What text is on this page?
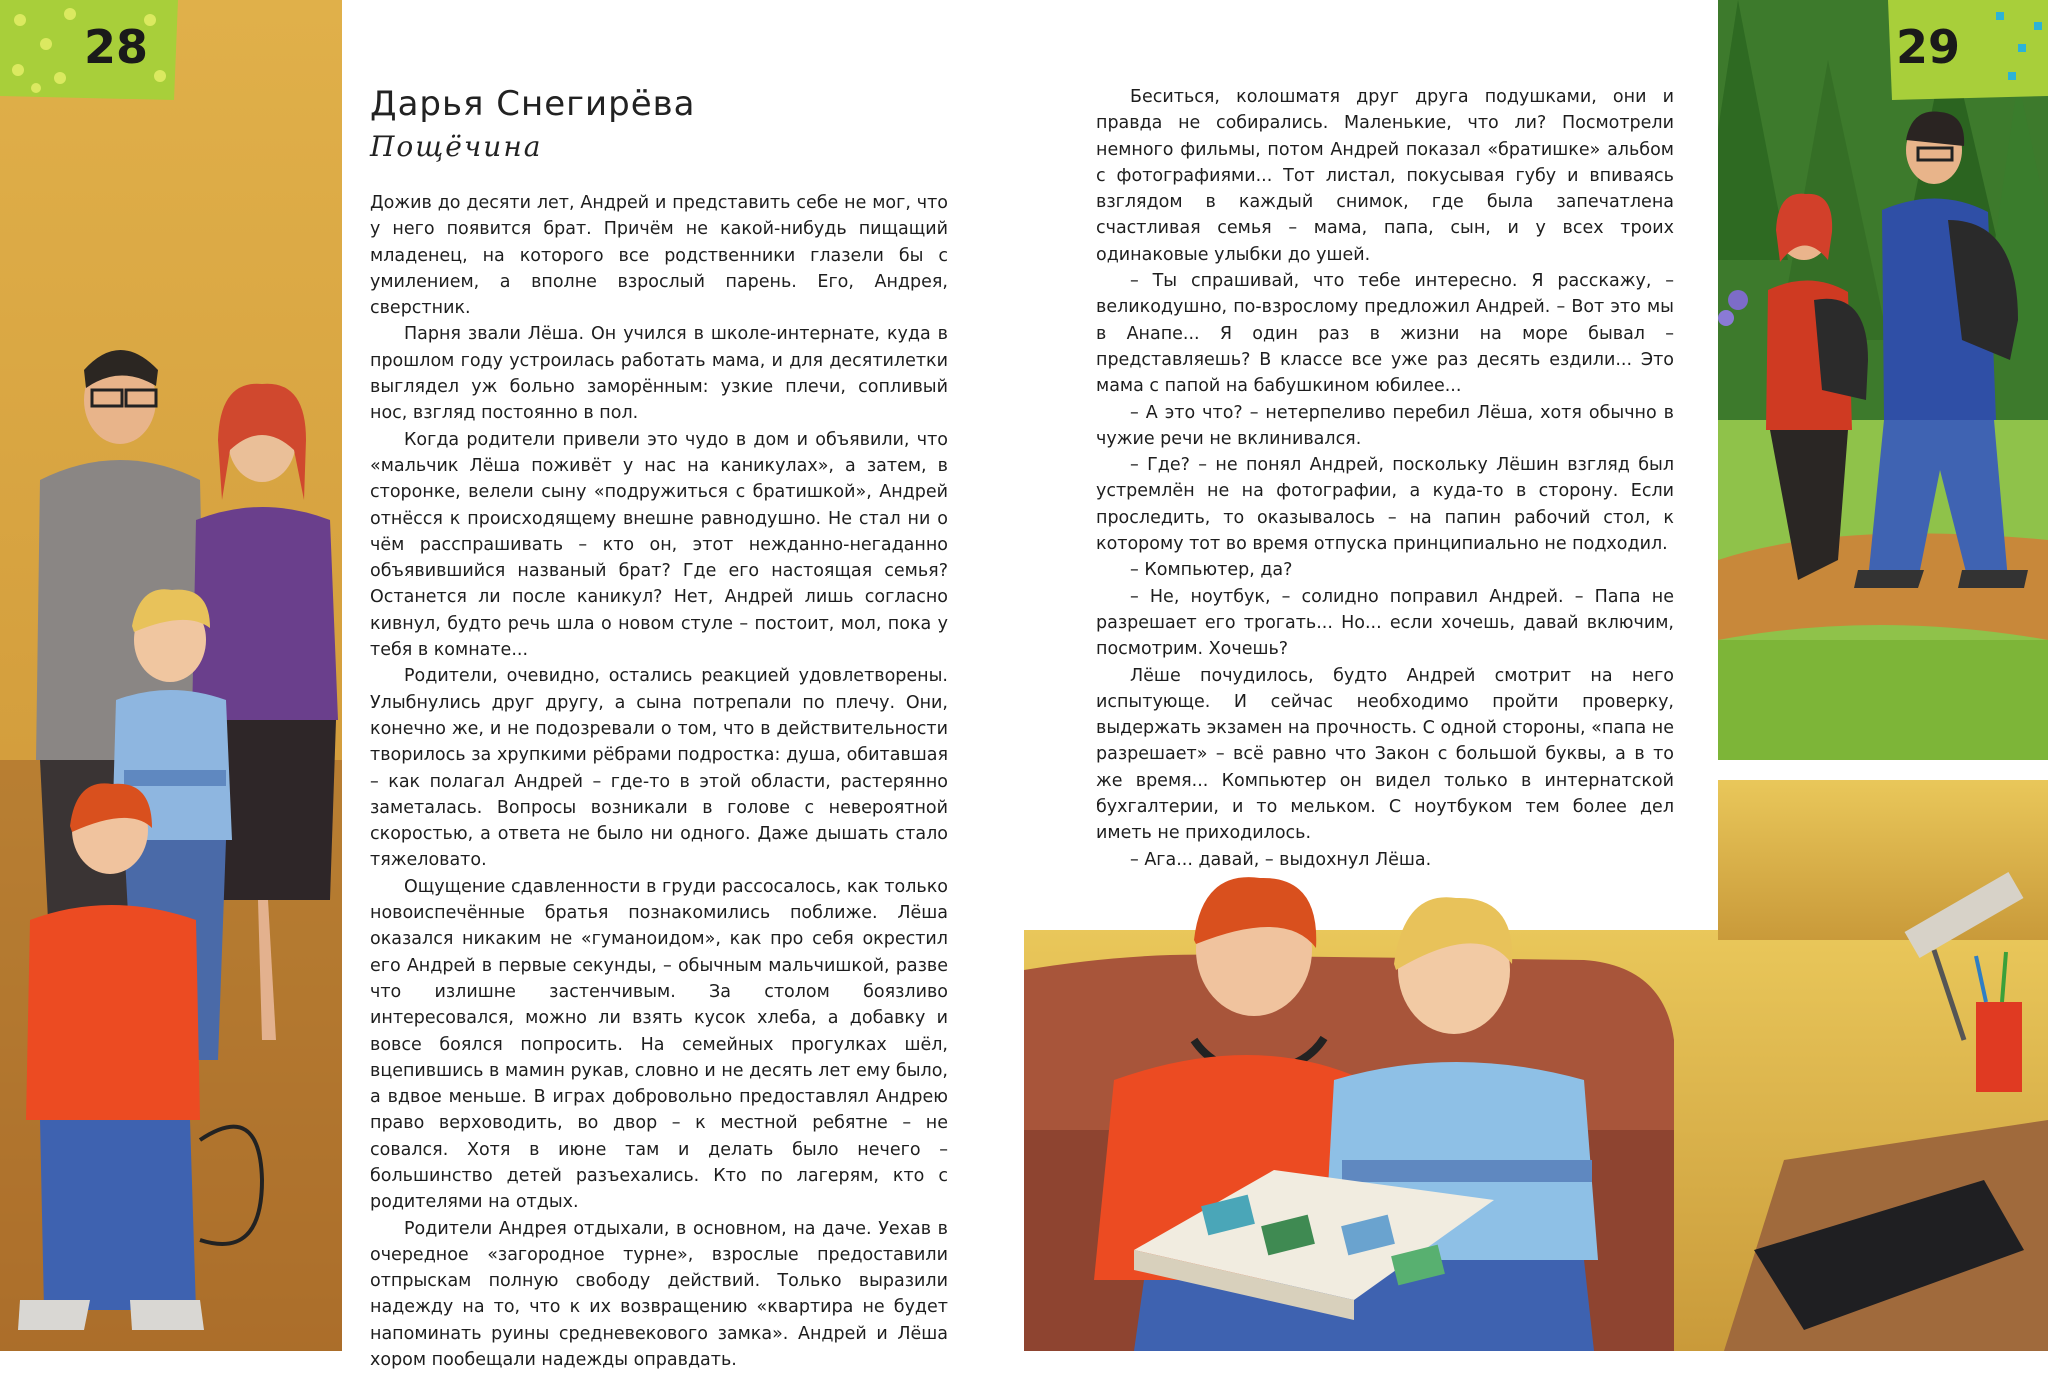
28	29
Дарья Снегирёва
Пощёчина

Дожив до десяти лет, Андрей и представить себе не мог, что у него появится брат. Причём не какой-нибудь пищащий младенец, на которого все родственники глазели бы с умилением, а вполне взрослый парень. Его, Андрея, сверстник.

Парня звали Лёша. Он учился в школе-интернате, куда в прошлом году устроилась работать мама, и для десятилетки выглядел уж больно заморённым: узкие плечи, сопливый нос, взгляд постоянно в пол.

Когда родители привели это чудо в дом и объявили, что «мальчик Лёша поживёт у нас на каникулах», а затем, в сторонке, велели сыну «подружиться с братишкой», Андрей отнёсся к происходящему внешне равнодушно. Не стал ни о чём расспрашивать – кто он, этот нежданно-негаданно объявившийся названый брат? Где его настоящая семья? Останется ли после каникул? Нет, Андрей лишь согласно кивнул, будто речь шла о новом стуле – постоит, мол, пока у тебя в комнате...

Родители, очевидно, остались реакцией удовлетворены. Улыбнулись друг другу, а сына потрепали по плечу. Они, конечно же, и не подозревали о том, что в действительности творилось за хрупкими рёбрами подростка: душа, обитавшая – как полагал Андрей – где-то в этой области, растерянно заметалась. Вопросы возникали в голове с невероятной скоростью, а ответа не было ни одного. Даже дышать стало тяжеловато.

Ощущение сдавленности в груди рассосалось, как только новоиспечённые братья познакомились поближе. Лёша оказался никаким не «гуманоидом», как про себя окрестил его Андрей в первые секунды, – обычным мальчишкой, разве что излишне застенчивым. За столом боязливо интересовался, можно ли взять кусок хлеба, а добавку и вовсе боялся попросить. На семейных прогулках шёл, вцепившись в мамин рукав, словно и не десять лет ему было, а вдвое меньше. В играх добровольно предоставлял Андрею право верховодить, во двор – к местной ребятне – не совался. Хотя в июне там и делать было нечего – большинство детей разъехались. Кто по лагерям, кто с родителями на отдых.

Родители Андрея отдыхали, в основном, на даче. Уехав в очередное «загородное турне», взрослые предоставили отпрыскам полную свободу действий. Только выразили надежду на то, что к их возвращению «квартира не будет напоминать руины средневекового замка». Андрей и Лёша хором пообещали надежды оправдать.

Беситься, колошматя друг друга подушками, они и правда не собирались. Маленькие, что ли? Посмотрели немного фильмы, потом Андрей показал «братишке» альбом с фотографиями... Тот листал, покусывая губу и впиваясь взглядом в каждый снимок, где была запечатлена счастливая семья – мама, папа, сын, и у всех троих одинаковые улыбки до ушей.

– Ты спрашивай, что тебе интересно. Я расскажу, – великодушно, по-взрослому предложил Андрей. – Вот это мы в Анапе... Я один раз в жизни на море бывал – представляешь? В классе все уже раз десять ездили... Это мама с папой на бабушкином юбилее...

– А это что? – нетерпеливо перебил Лёша, хотя обычно в чужие речи не вклинивался.

– Где? – не понял Андрей, поскольку Лёшин взгляд был устремлён не на фотографии, а куда-то в сторону. Если проследить, то оказывалось – на папин рабочий стол, к которому тот во время отпуска принципиально не подходил.

– Компьютер, да?

– Не, ноутбук, – солидно поправил Андрей. – Папа не разрешает его трогать... Но... если хочешь, давай включим, посмотрим. Хочешь?

Лёше почудилось, будто Андрей смотрит на него испытующе. И сейчас необходимо пройти проверку, выдержать экзамен на прочность. С одной стороны, «папа не разрешает» – всё равно что Закон с большой буквы, а в то же время... Компьютер он видел только в интернатской бухгалтерии, и то мельком. С ноутбуком тем более дел иметь не приходилось.

– Ага... давай, – выдохнул Лёша.
